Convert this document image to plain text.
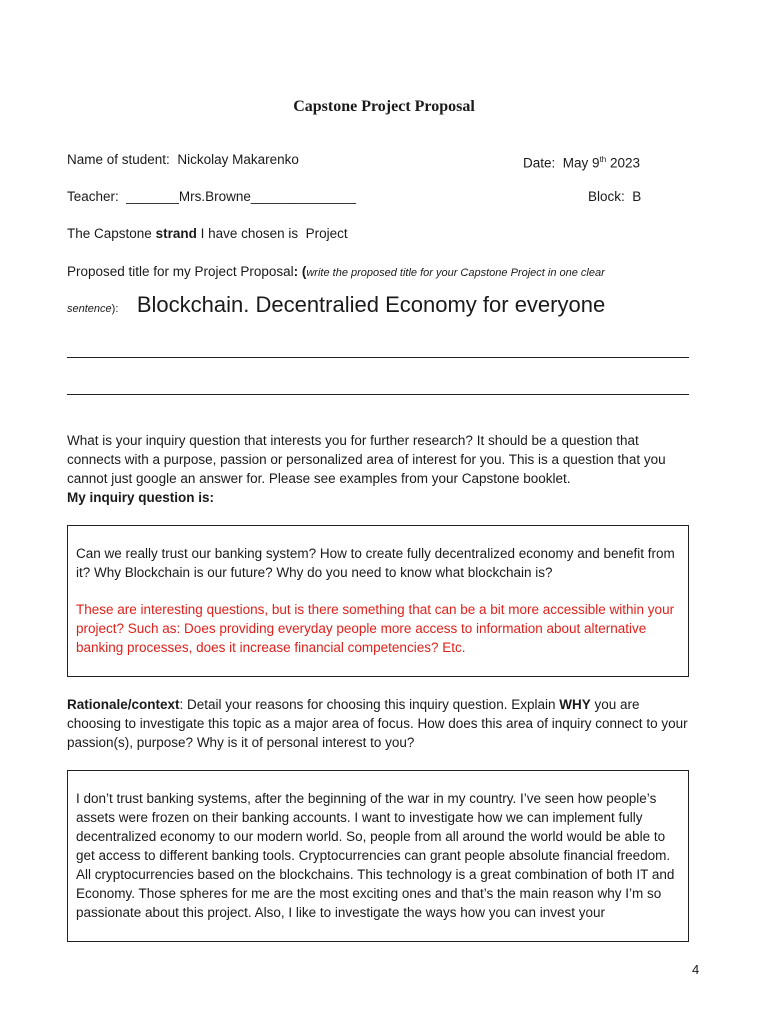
Capstone Project Proposal
Name of student: Nickolay Makarenko	Date: May 9th 2023
Teacher: _______Mrs.Browne______________	Block: B
The Capstone strand I have chosen is  Project
Proposed title for my Project Proposal: (write the proposed title for your Capstone Project in one clear
sentence): Blockchain. Decentralied Economy for everyone

What is your inquiry question that interests you for further research? It should be a question that connects with a purpose, passion or personalized area of interest for you. This is a question that you cannot just google an answer for. Please see examples from your Capstone booklet.

My inquiry question is:

Can we really trust our banking system? How to create fully decentralized economy and benefit from it? Why Blockchain is our future? Why do you need to know what blockchain is?

These are interesting questions, but is there something that can be a bit more accessible within your project? Such as: Does providing everyday people more access to information about alternative banking processes, does it increase financial competencies? Etc.

Rationale/context: Detail your reasons for choosing this inquiry question. Explain WHY you are choosing to investigate this topic as a major area of focus. How does this area of inquiry connect to your passion(s), purpose? Why is it of personal interest to you?

I don’t trust banking systems, after the beginning of the war in my country. I’ve seen how people’s assets were frozen on their banking accounts. I want to investigate how we can implement fully decentralized economy to our modern world. So, people from all around the world would be able to get access to different banking tools. Cryptocurrencies can grant people absolute financial freedom.

All cryptocurrencies based on the blockchains. This technology is a great combination of both IT and Economy. Those spheres for me are the most exciting ones and that’s the main reason why I’m so passionate about this project. Also, I like to investigate the ways how you can invest your

4
